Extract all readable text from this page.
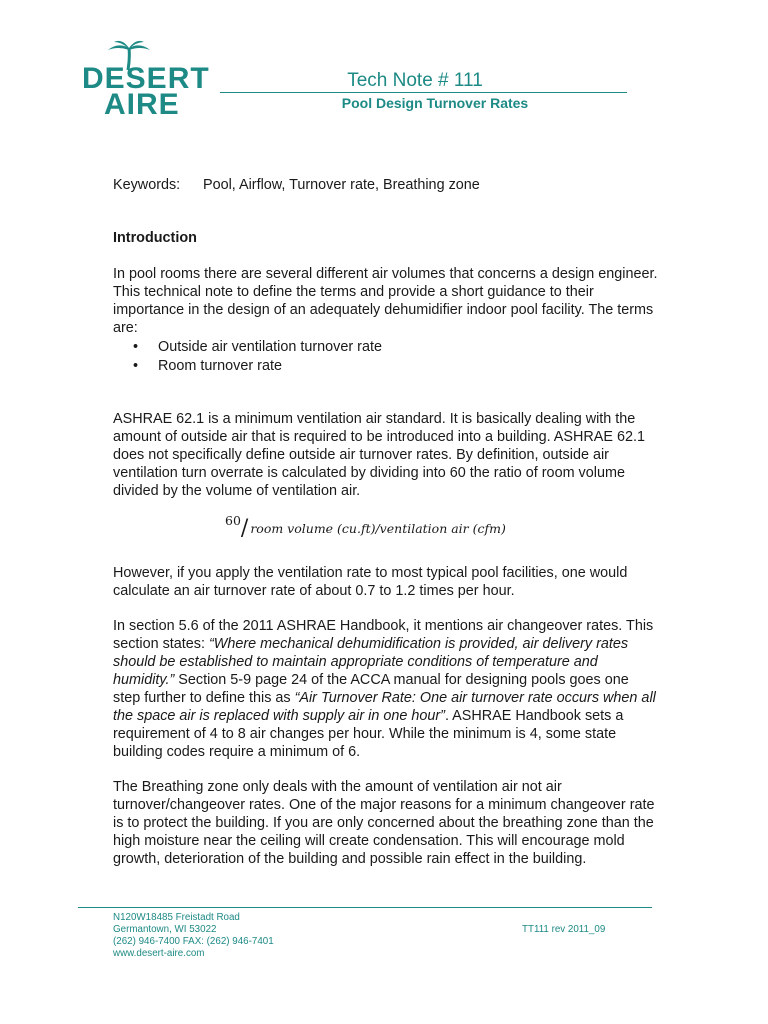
DESERT
AIRE
Tech Note # 111
Pool Design Turnover Rates
Keywords: Pool, Airflow, Turnover rate, Breathing zone

Introduction

In pool rooms there are several different air volumes that concerns a design engineer. This technical note to define the terms and provide a short guidance to their importance in the design of an adequately dehumidifier indoor pool facility. The terms are:

• Outside air ventilation turnover rate
• Room turnover rate

ASHRAE 62.1 is a minimum ventilation air standard. It is basically dealing with the amount of outside air that is required to be introduced into a building. ASHRAE 62.1 does not specifically define outside air turnover rates. By definition, outside air ventilation turn overrate is calculated by dividing into 60 the ratio of room volume divided by the volume of ventilation air.

60/ room volume (cu.ft)/ventilation air (cfm)

However, if you apply the ventilation rate to most typical pool facilities, one would calculate an air turnover rate of about 0.7 to 1.2 times per hour.

In section 5.6 of the 2011 ASHRAE Handbook, it mentions air changeover rates. This section states: “Where mechanical dehumidification is provided, air delivery rates should be established to maintain appropriate conditions of temperature and humidity.” Section 5-9 page 24 of the ACCA manual for designing pools goes one step further to define this as “Air Turnover Rate: One air turnover rate occurs when all the space air is replaced with supply air in one hour”. ASHRAE Handbook sets a requirement of 4 to 8 air changes per hour. While the minimum is 4, some state building codes require a minimum of 6.

The Breathing zone only deals with the amount of ventilation air not air turnover/changeover rates. One of the major reasons for a minimum changeover rate is to protect the building. If you are only concerned about the breathing zone than the high moisture near the ceiling will create condensation. This will encourage mold growth, deterioration of the building and possible rain effect in the building.

N120W18485 Freistadt Road
Germantown, WI 53022
(262) 946-7400 FAX: (262) 946-7401
www.desert-aire.com
TT111 rev 2011_09
